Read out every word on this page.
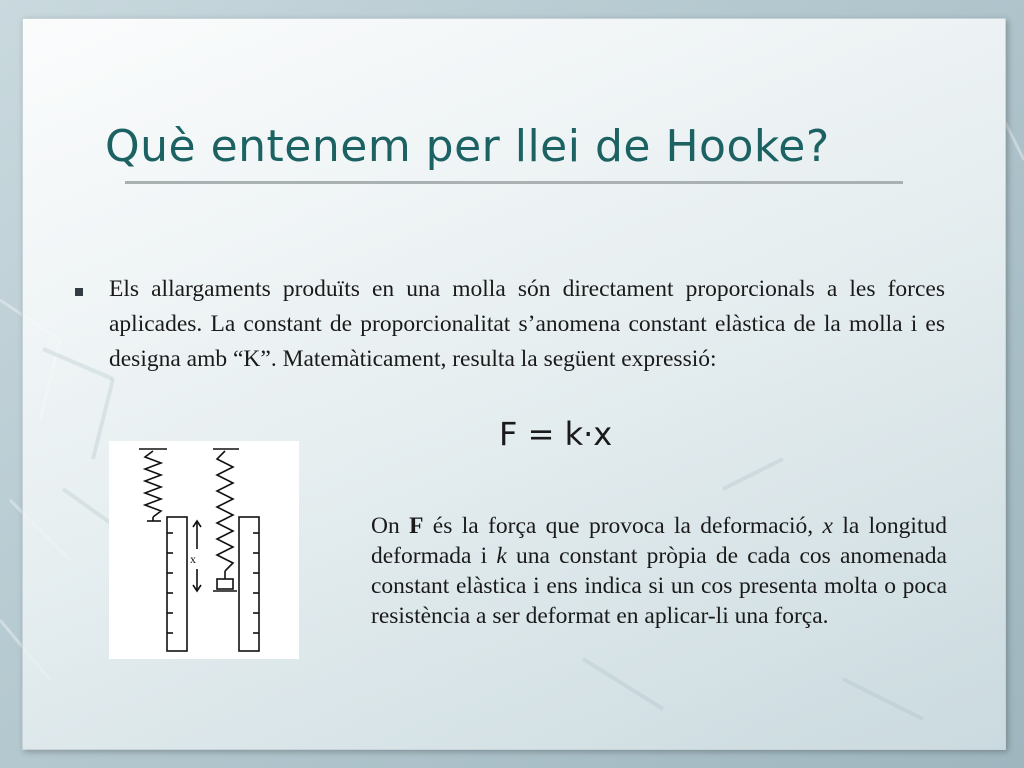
Què entenem per llei de Hooke?

Els allargaments produïts en una molla són directament proporcionals a les forces aplicades. La constant de proporcionalitat s’anomena constant elàstica de la molla i es designa amb “K”. Matemàticament, resulta la següent expressió:

F = k·x

x

On F és la força que provoca la deformació, x la longitud deformada i k una constant pròpia de cada cos anomenada constant elàstica i ens indica si un cos presenta molta o poca resistència a ser deformat en aplicar-li una força.
